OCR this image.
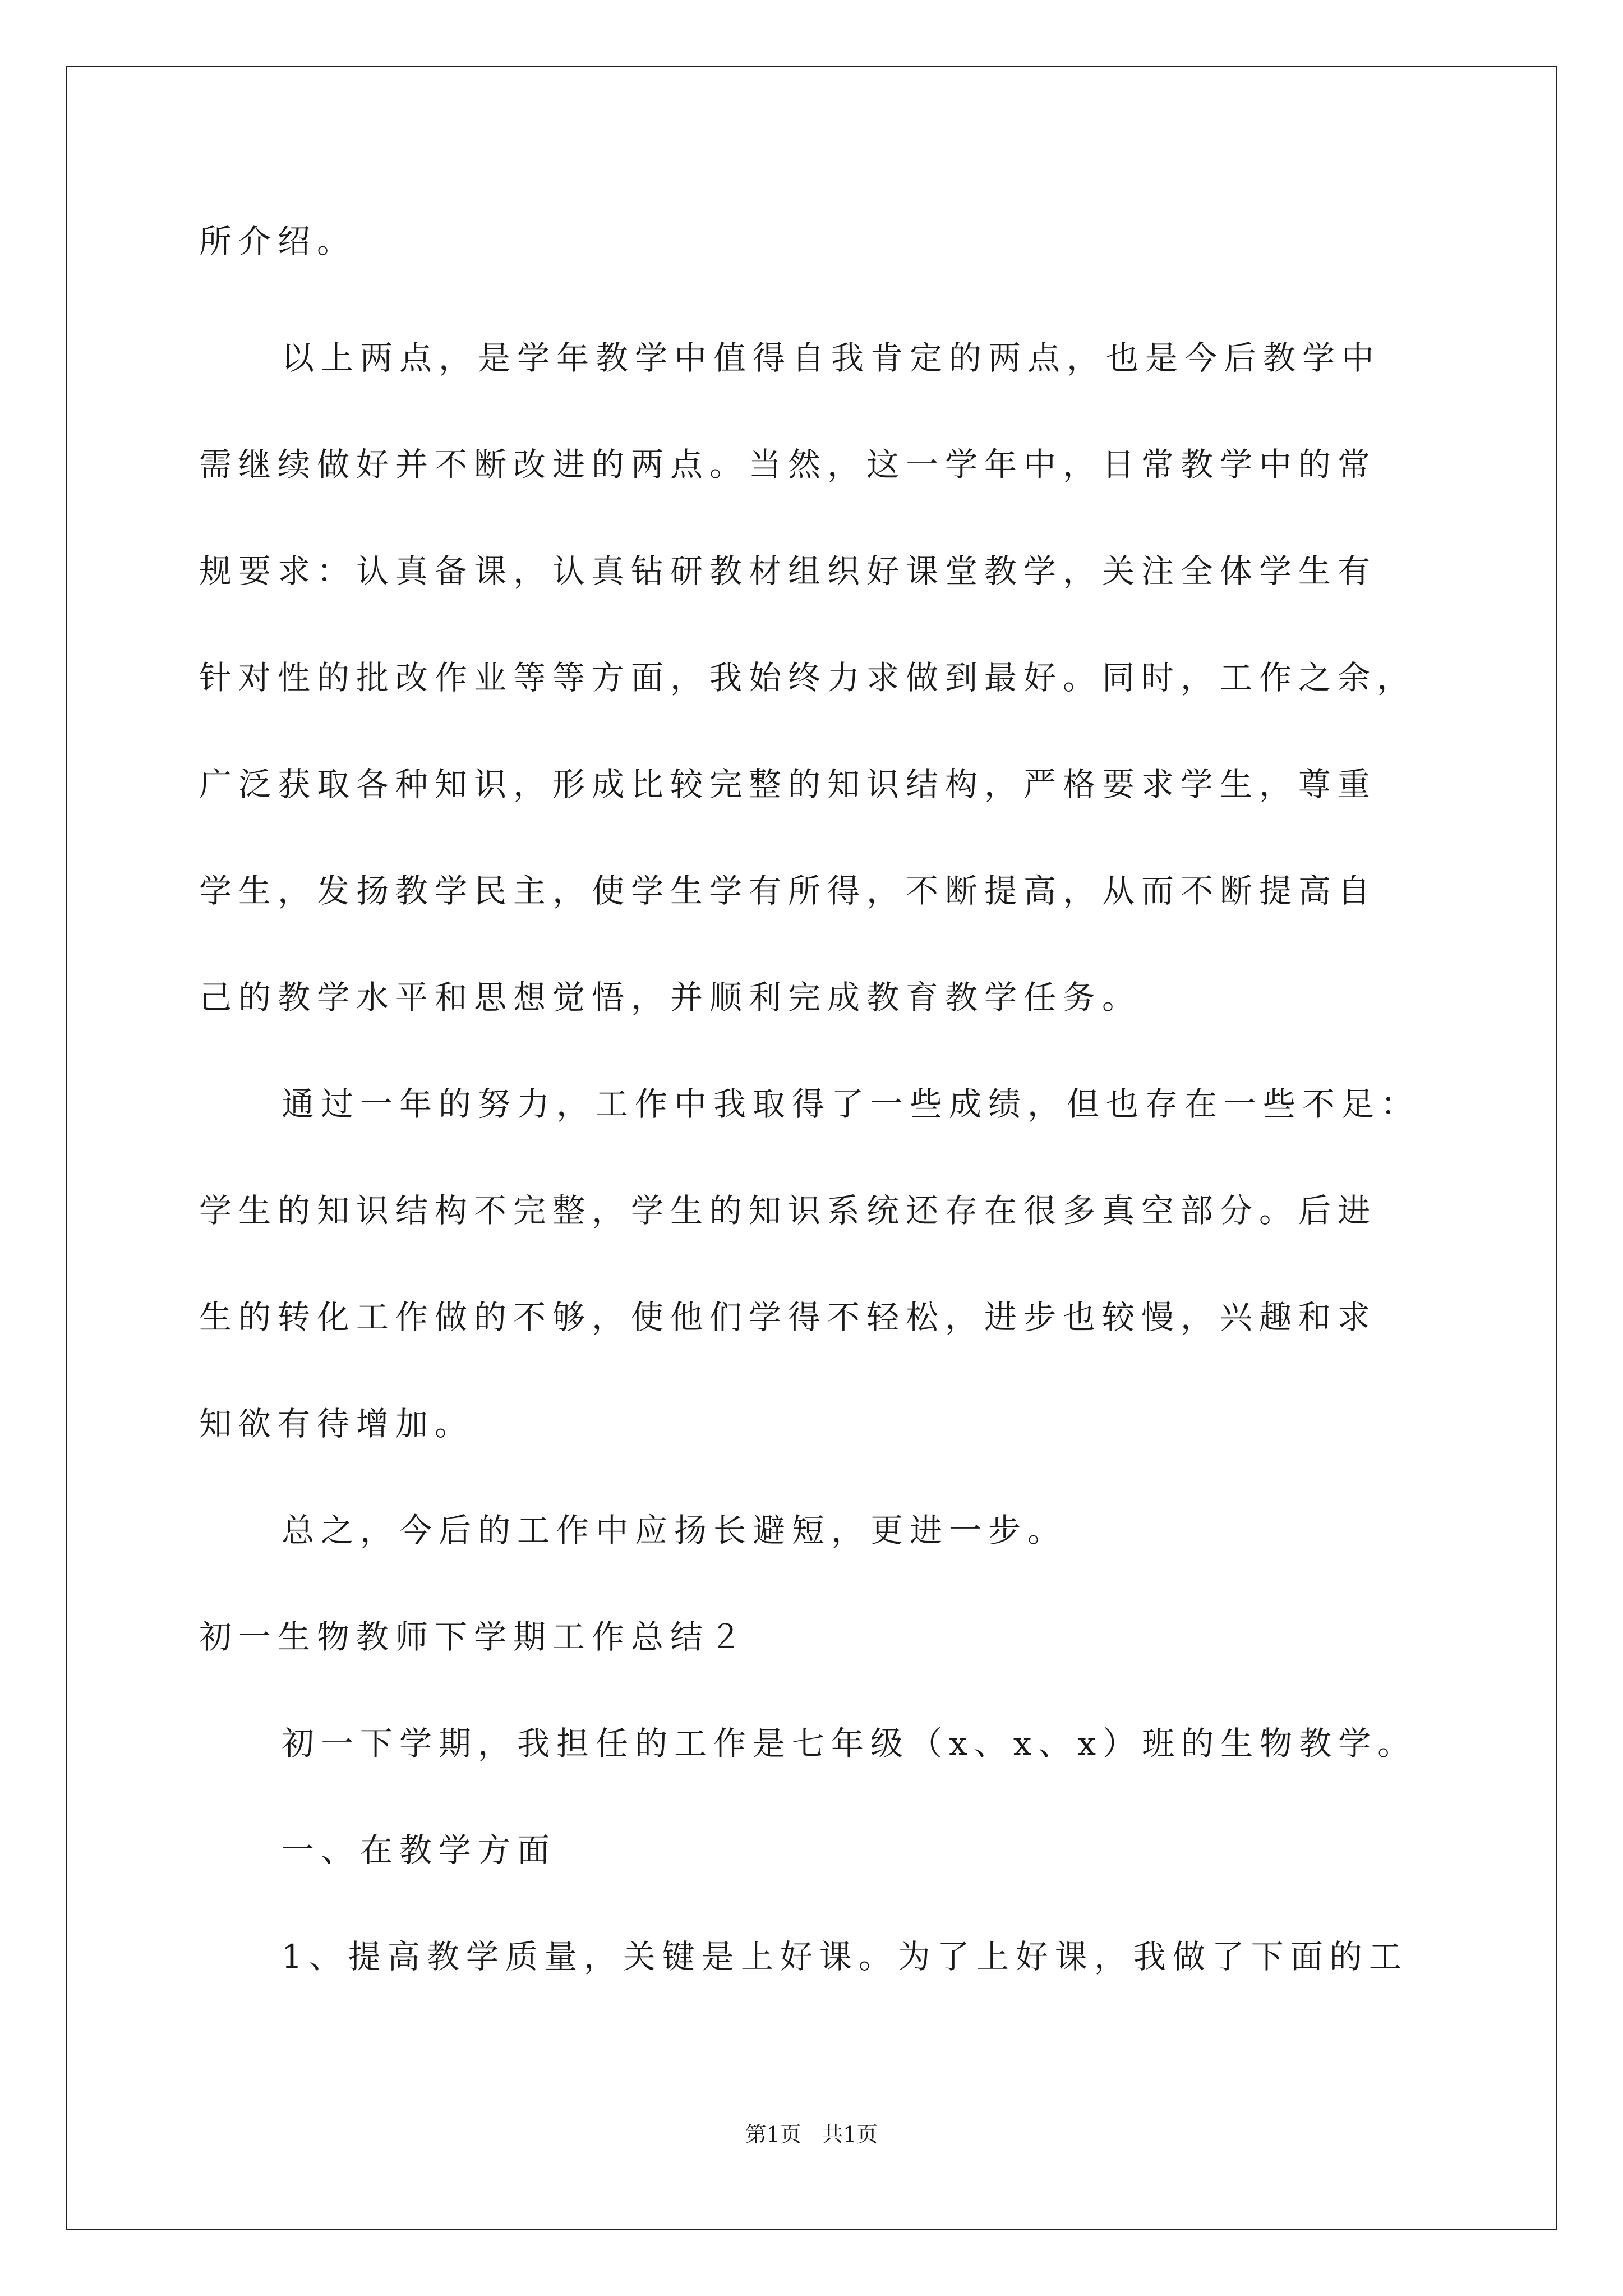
所介绍。
以上两点，是学年教学中值得自我肯定的两点，也是今后教学中
需继续做好并不断改进的两点。当然，这一学年中，日常教学中的常
规要求：认真备课，认真钻研教材组织好课堂教学，关注全体学生有
针对性的批改作业等等方面，我始终力求做到最好。同时，工作之余，
广泛获取各种知识，形成比较完整的知识结构，严格要求学生，尊重
学生，发扬教学民主，使学生学有所得，不断提高，从而不断提高自
己的教学水平和思想觉悟，并顺利完成教育教学任务。
通过一年的努力，工作中我取得了一些成绩，但也存在一些不足：
学生的知识结构不完整，学生的知识系统还存在很多真空部分。后进
生的转化工作做的不够，使他们学得不轻松，进步也较慢，兴趣和求
知欲有待增加。
总之，今后的工作中应扬长避短，更进一步。
初一生物教师下学期工作总结２
初一下学期，我担任的工作是七年级（x、x、x）班的生物教学。
一、在教学方面
1、提高教学质量，关键是上好课。为了上好课，我做了下面的工
第1页   共1页
